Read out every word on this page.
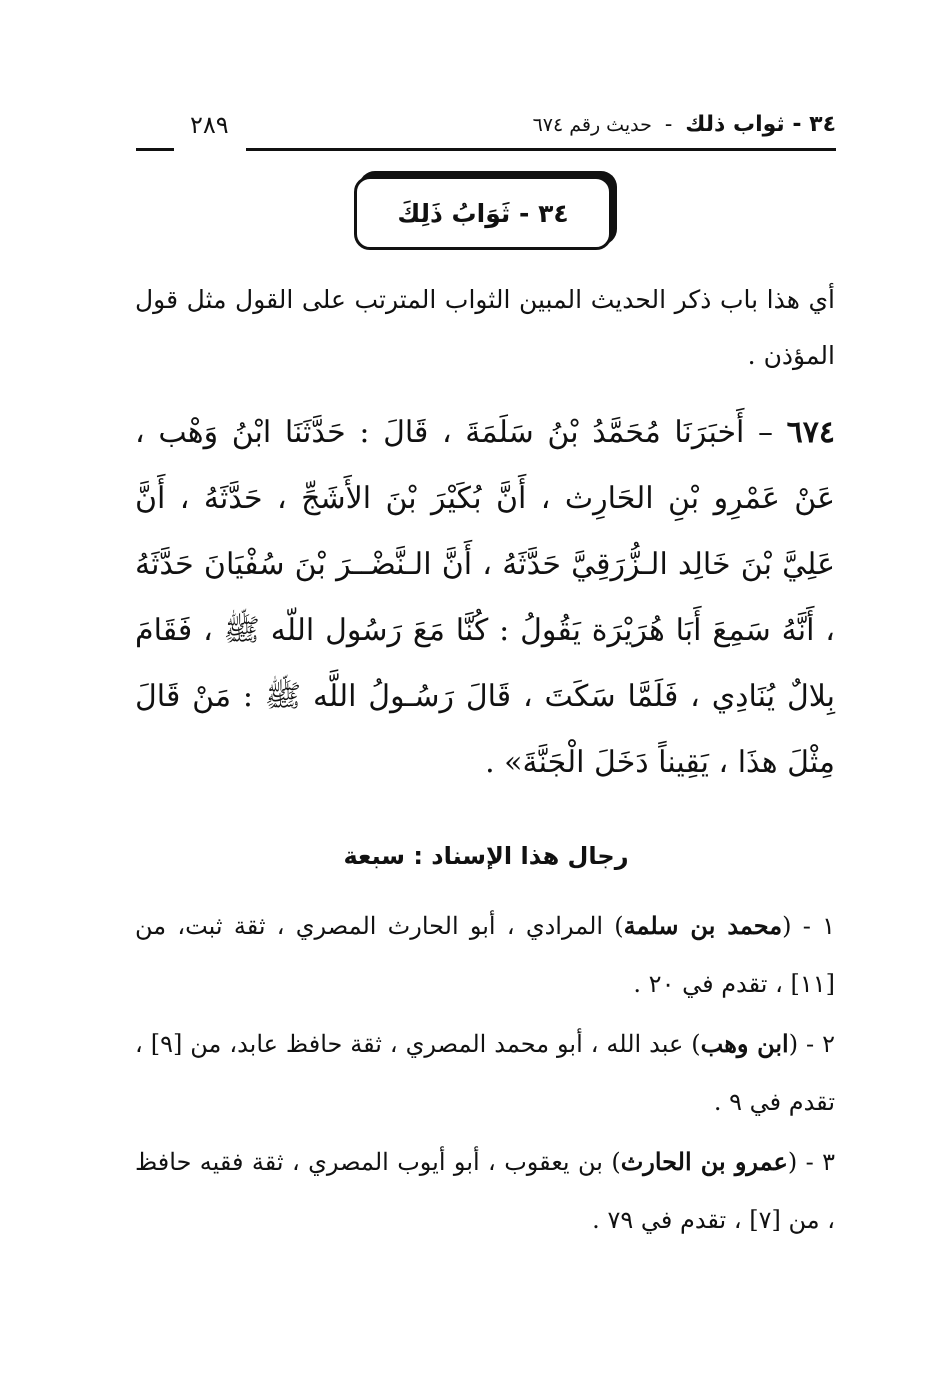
٣٤ - ثواب ذلك - حديث رقم ٦٧٤
٢٨٩
٣٤ - ثَوَابُ ذَلِكَ

أي هذا باب ذكر الحديث المبين الثواب المترتب على القول مثل قول المؤذن .

٦٧٤ – أَخبَرَنَا مُحَمَّدُ بْنُ سَلَمَةَ ، قَالَ : حَدَّثَنَا ابْنُ وَهْب ، عَنْ عَمْرِو بْنِ الحَارِث ، أَنَّ بُكَيْرَ بْنَ الأَشَجِّ ، حَدَّثَهُ ، أَنَّ عَلِيَّ بْنَ خَالِد الـزُّرَقِيَّ حَدَّثَهُ ، أَنَّ الـنَّضْــرَ بْنَ سُفْيَانَ حَدَّثَهُ ، أَنَّهُ سَمِعَ أَبَا هُرَيْرَة يَقُولُ : كُنَّا مَعَ رَسُول اللّه ﷺ ، فَقَامَ بِلالٌ يُنَادِي ، فَلَمَّا سَكَتَ ، قَالَ رَسُـولُ اللَّه ﷺ : مَنْ قَالَ مِثْلَ هذَا ، يَقِيناً دَخَلَ الْجَنَّةَ» .

رجال هذا الإسناد : سبعة

١ - (محمد بن سلمة) المرادي ، أبو الحارث المصري ، ثقة ثبت، من [١١] ، تقدم في ٢٠ .

٢ - (ابن وهب) عبد الله ، أبو محمد المصري ، ثقة حافظ عابد، من [٩] ، تقدم في ٩ .

٣ - (عمرو بن الحارث) بن يعقوب ، أبو أيوب المصري ، ثقة فقيه حافظ ، من [٧] ، تقدم في ٧٩ .
